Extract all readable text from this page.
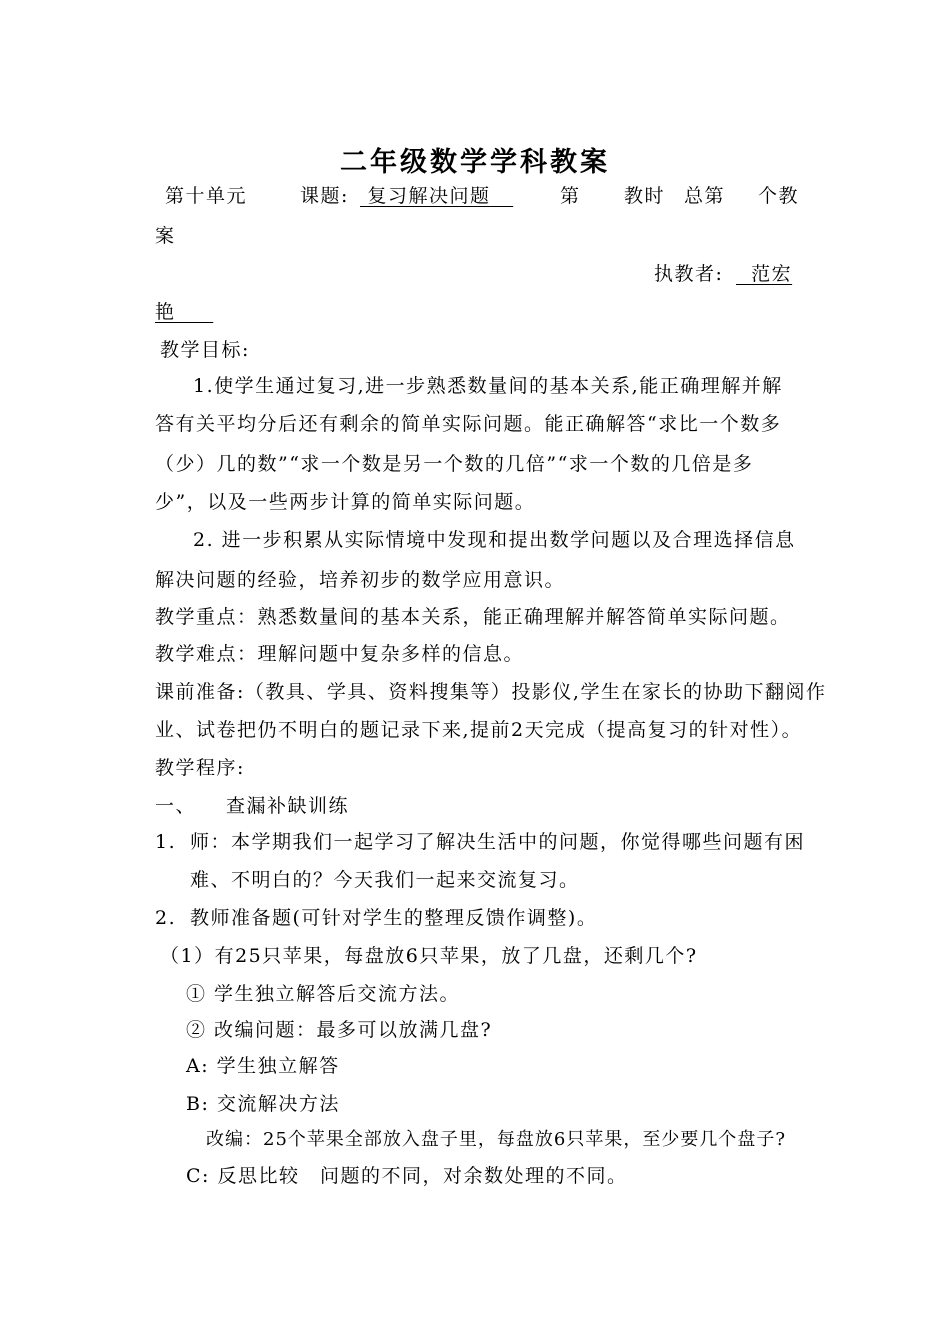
二年级数学学科教案
第十单元	课题: 复习解决问题	第 教时 总第 个教
案
执教者:	范宏
艳
教学目标:
1.使学生通过复习,进一步熟悉数量间的基本关系,能正确理解并解
答有关平均分后还有剩余的简单实际问题。能正确解答“求比一个数多
（少）几的数”“求一个数是另一个数的几倍”“求一个数的几倍是多
少”，以及一些两步计算的简单实际问题。
2. 进一步积累从实际情境中发现和提出数学问题以及合理选择信息
解决问题的经验，培养初步的数学应用意识。
教学重点：熟悉数量间的基本关系，能正确理解并解答简单实际问题。
教学难点：理解问题中复杂多样的信息。
课前准备:（教具、学具、资料搜集等）投影仪,学生在家长的协助下翻阅作
业、试卷把仍不明白的题记录下来,提前2天完成（提高复习的针对性）。
教学程序:
一、 查漏补缺训练
1. 师：本学期我们一起学习了解决生活中的问题，你觉得哪些问题有困
难、不明白的？今天我们一起来交流复习。
2. 教师准备题(可针对学生的整理反馈作调整)。
（1）有25只苹果，每盘放6只苹果，放了几盘，还剩几个?
① 学生独立解答后交流方法。
② 改编问题：最多可以放满几盘?
A: 学生独立解答
B: 交流解决方法
改编：25个苹果全部放入盘子里，每盘放6只苹果，至少要几个盘子?
C: 反思比较　问题的不同，对余数处理的不同。
